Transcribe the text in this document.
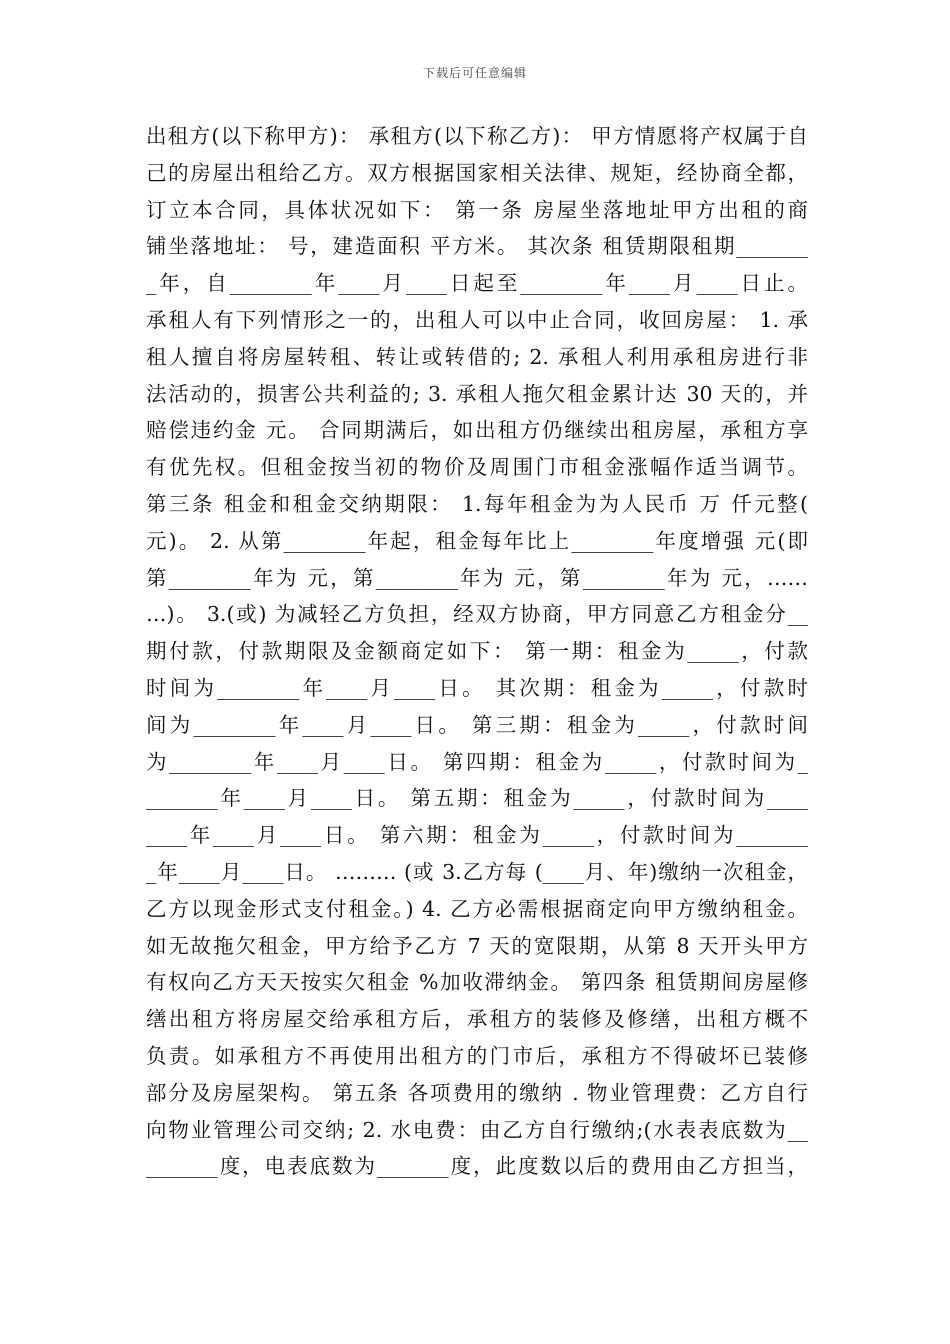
下载后可任意编辑
出租方(以下称甲方)： 承租方(以下称乙方)： 甲方情愿将产权属于自
己的房屋出租给乙方。双方根据国家相关法律、规矩，经协商全都，
订立本合同，具体状况如下： 第一条 房屋坐落地址甲方出租的商
铺坐落地址： 号，建造面积 平方米。 其次条 租赁期限租期_______
_年，自________年____月____日起至________年____月____日止。
承租人有下列情形之一的，出租人可以中止合同，收回房屋： 1. 承
租人擅自将房屋转租、转让或转借的; 2. 承租人利用承租房进行非
法活动的，损害公共利益的; 3. 承租人拖欠租金累计达 30 天的，并
赔偿违约金 元。 合同期满后，如出租方仍继续出租房屋，承租方享
有优先权。但租金按当初的物价及周围门市租金涨幅作适当调节。
第三条 租金和租金交纳期限： 1.每年租金为为人民币 万 仟元整(
元)。 2. 从第________年起，租金每年比上________年度增强 元(即
第________年为 元，第________年为 元，第________年为 元，……
…)。 3.(或) 为减轻乙方负担，经双方协商，甲方同意乙方租金分__
期付款，付款期限及金额商定如下： 第一期：租金为_____，付款
时间为________年____月____日。 其次期：租金为_____，付款时
间为________年____月____日。 第三期：租金为_____，付款时间
为________年____月____日。 第四期：租金为_____，付款时间为_
_______年____月____日。 第五期：租金为_____，付款时间为____
____年____月____日。 第六期：租金为_____，付款时间为_______
_年____月____日。 ……… (或 3.乙方每 (____月、年)缴纳一次租金，
乙方以现金形式支付租金。) 4. 乙方必需根据商定向甲方缴纳租金。
如无故拖欠租金，甲方给予乙方 7 天的宽限期，从第 8 天开头甲方
有权向乙方天天按实欠租金 %加收滞纳金。 第四条 租赁期间房屋修
缮出租方将房屋交给承租方后，承租方的装修及修缮，出租方概不
负责。如承租方不再使用出租方的门市后，承租方不得破坏已装修
部分及房屋架构。 第五条 各项费用的缴纳 . 物业管理费：乙方自行
向物业管理公司交纳; 2. 水电费：由乙方自行缴纳;(水表表底数为__
_______度，电表底数为_______度，此度数以后的费用由乙方担当，
